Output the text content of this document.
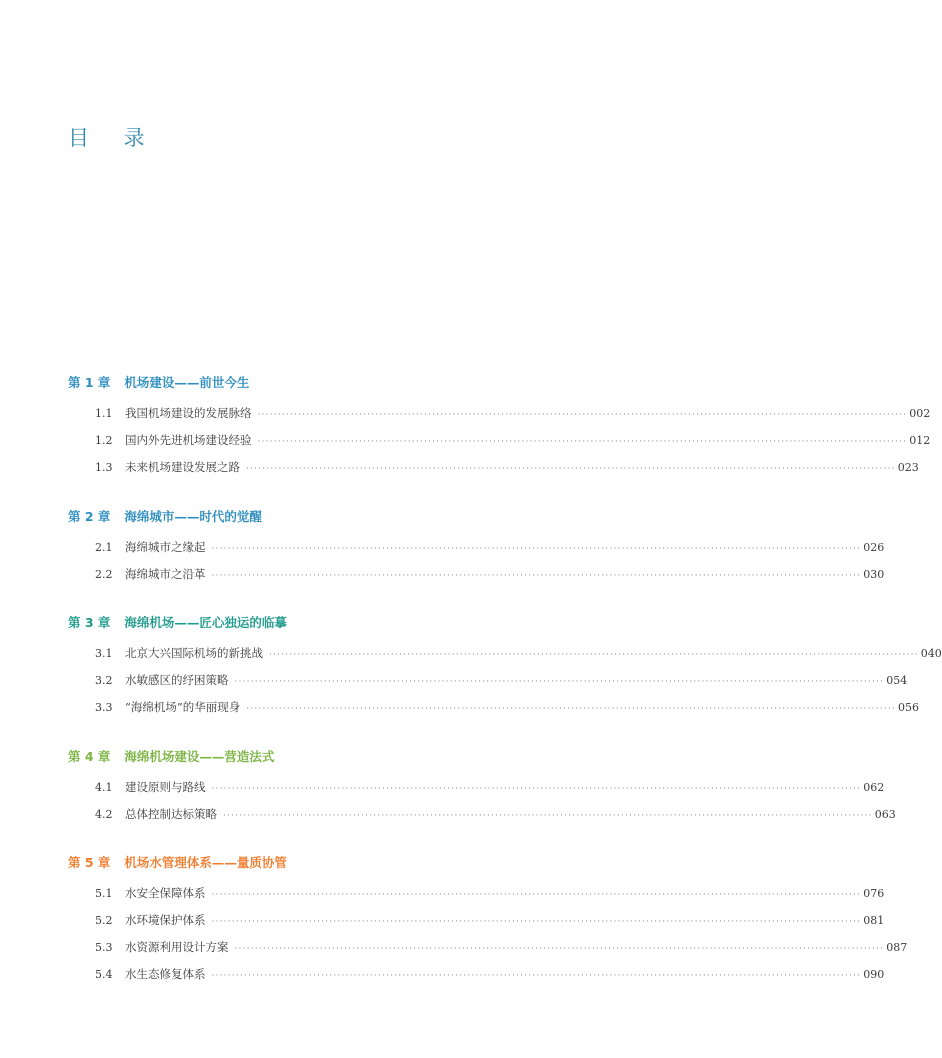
目 录
第 1 章 机场建设——前世今生
1.1	我国机场建设的发展脉络 ································································································································································ 002
1.2	国内外先进机场建设经验 ································································································································································ 012
1.3	未来机场建设发展之路 ································································································································································ 023
第 2 章 海绵城市——时代的觉醒
2.1	海绵城市之缘起 ································································································································································ 026
2.2	海绵城市之沿革 ································································································································································ 030
第 3 章 海绵机场——匠心独运的临摹
3.1	北京大兴国际机场的新挑战 ································································································································································ 040
3.2	水敏感区的纾困策略 ································································································································································ 054
3.3	“海绵机场”的华丽现身 ································································································································································ 056
第 4 章 海绵机场建设——营造法式
4.1	建设原则与路线 ································································································································································ 062
4.2	总体控制达标策略 ································································································································································ 063
第 5 章 机场水管理体系——量质协管
5.1	水安全保障体系 ································································································································································ 076
5.2	水环境保护体系 ································································································································································ 081
5.3	水资源利用设计方案 ································································································································································ 087
5.4	水生态修复体系 ································································································································································ 090
